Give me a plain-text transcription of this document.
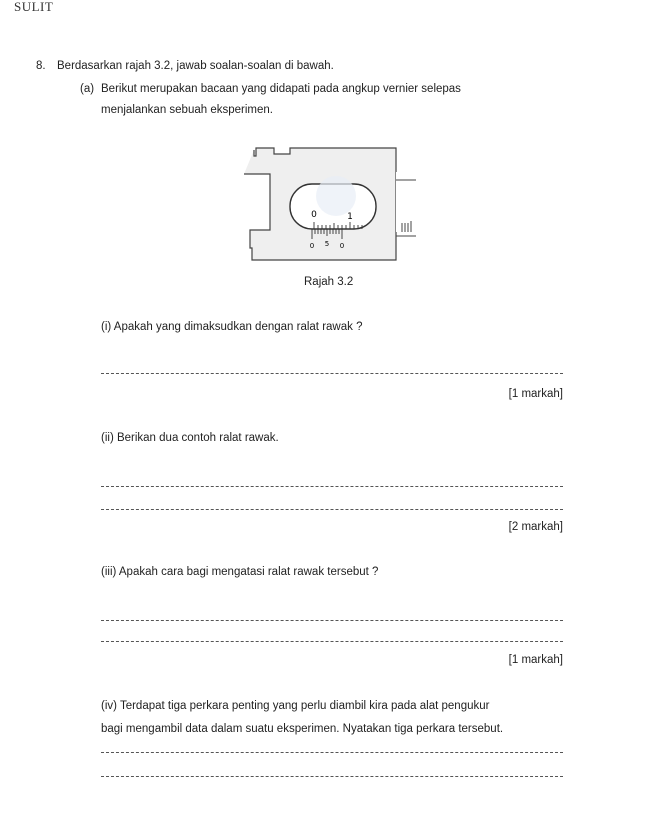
SULIT
8. Berdasarkan rajah 3.2, jawab soalan-soalan di bawah.
(a) Berikut merupakan bacaan yang didapati pada angkup vernier selepas
menjalankan sebuah eksperimen.
0	1
0 5 0
Rajah 3.2
(i) Apakah yang dimaksudkan dengan ralat rawak ?
[1 markah]
(ii) Berikan dua contoh ralat rawak.
[2 markah]
(iii) Apakah cara bagi mengatasi ralat rawak tersebut ?
[1 markah]
(iv) Terdapat tiga perkara penting yang perlu diambil kira pada alat pengukur
bagi mengambil data dalam suatu eksperimen. Nyatakan tiga perkara tersebut.
